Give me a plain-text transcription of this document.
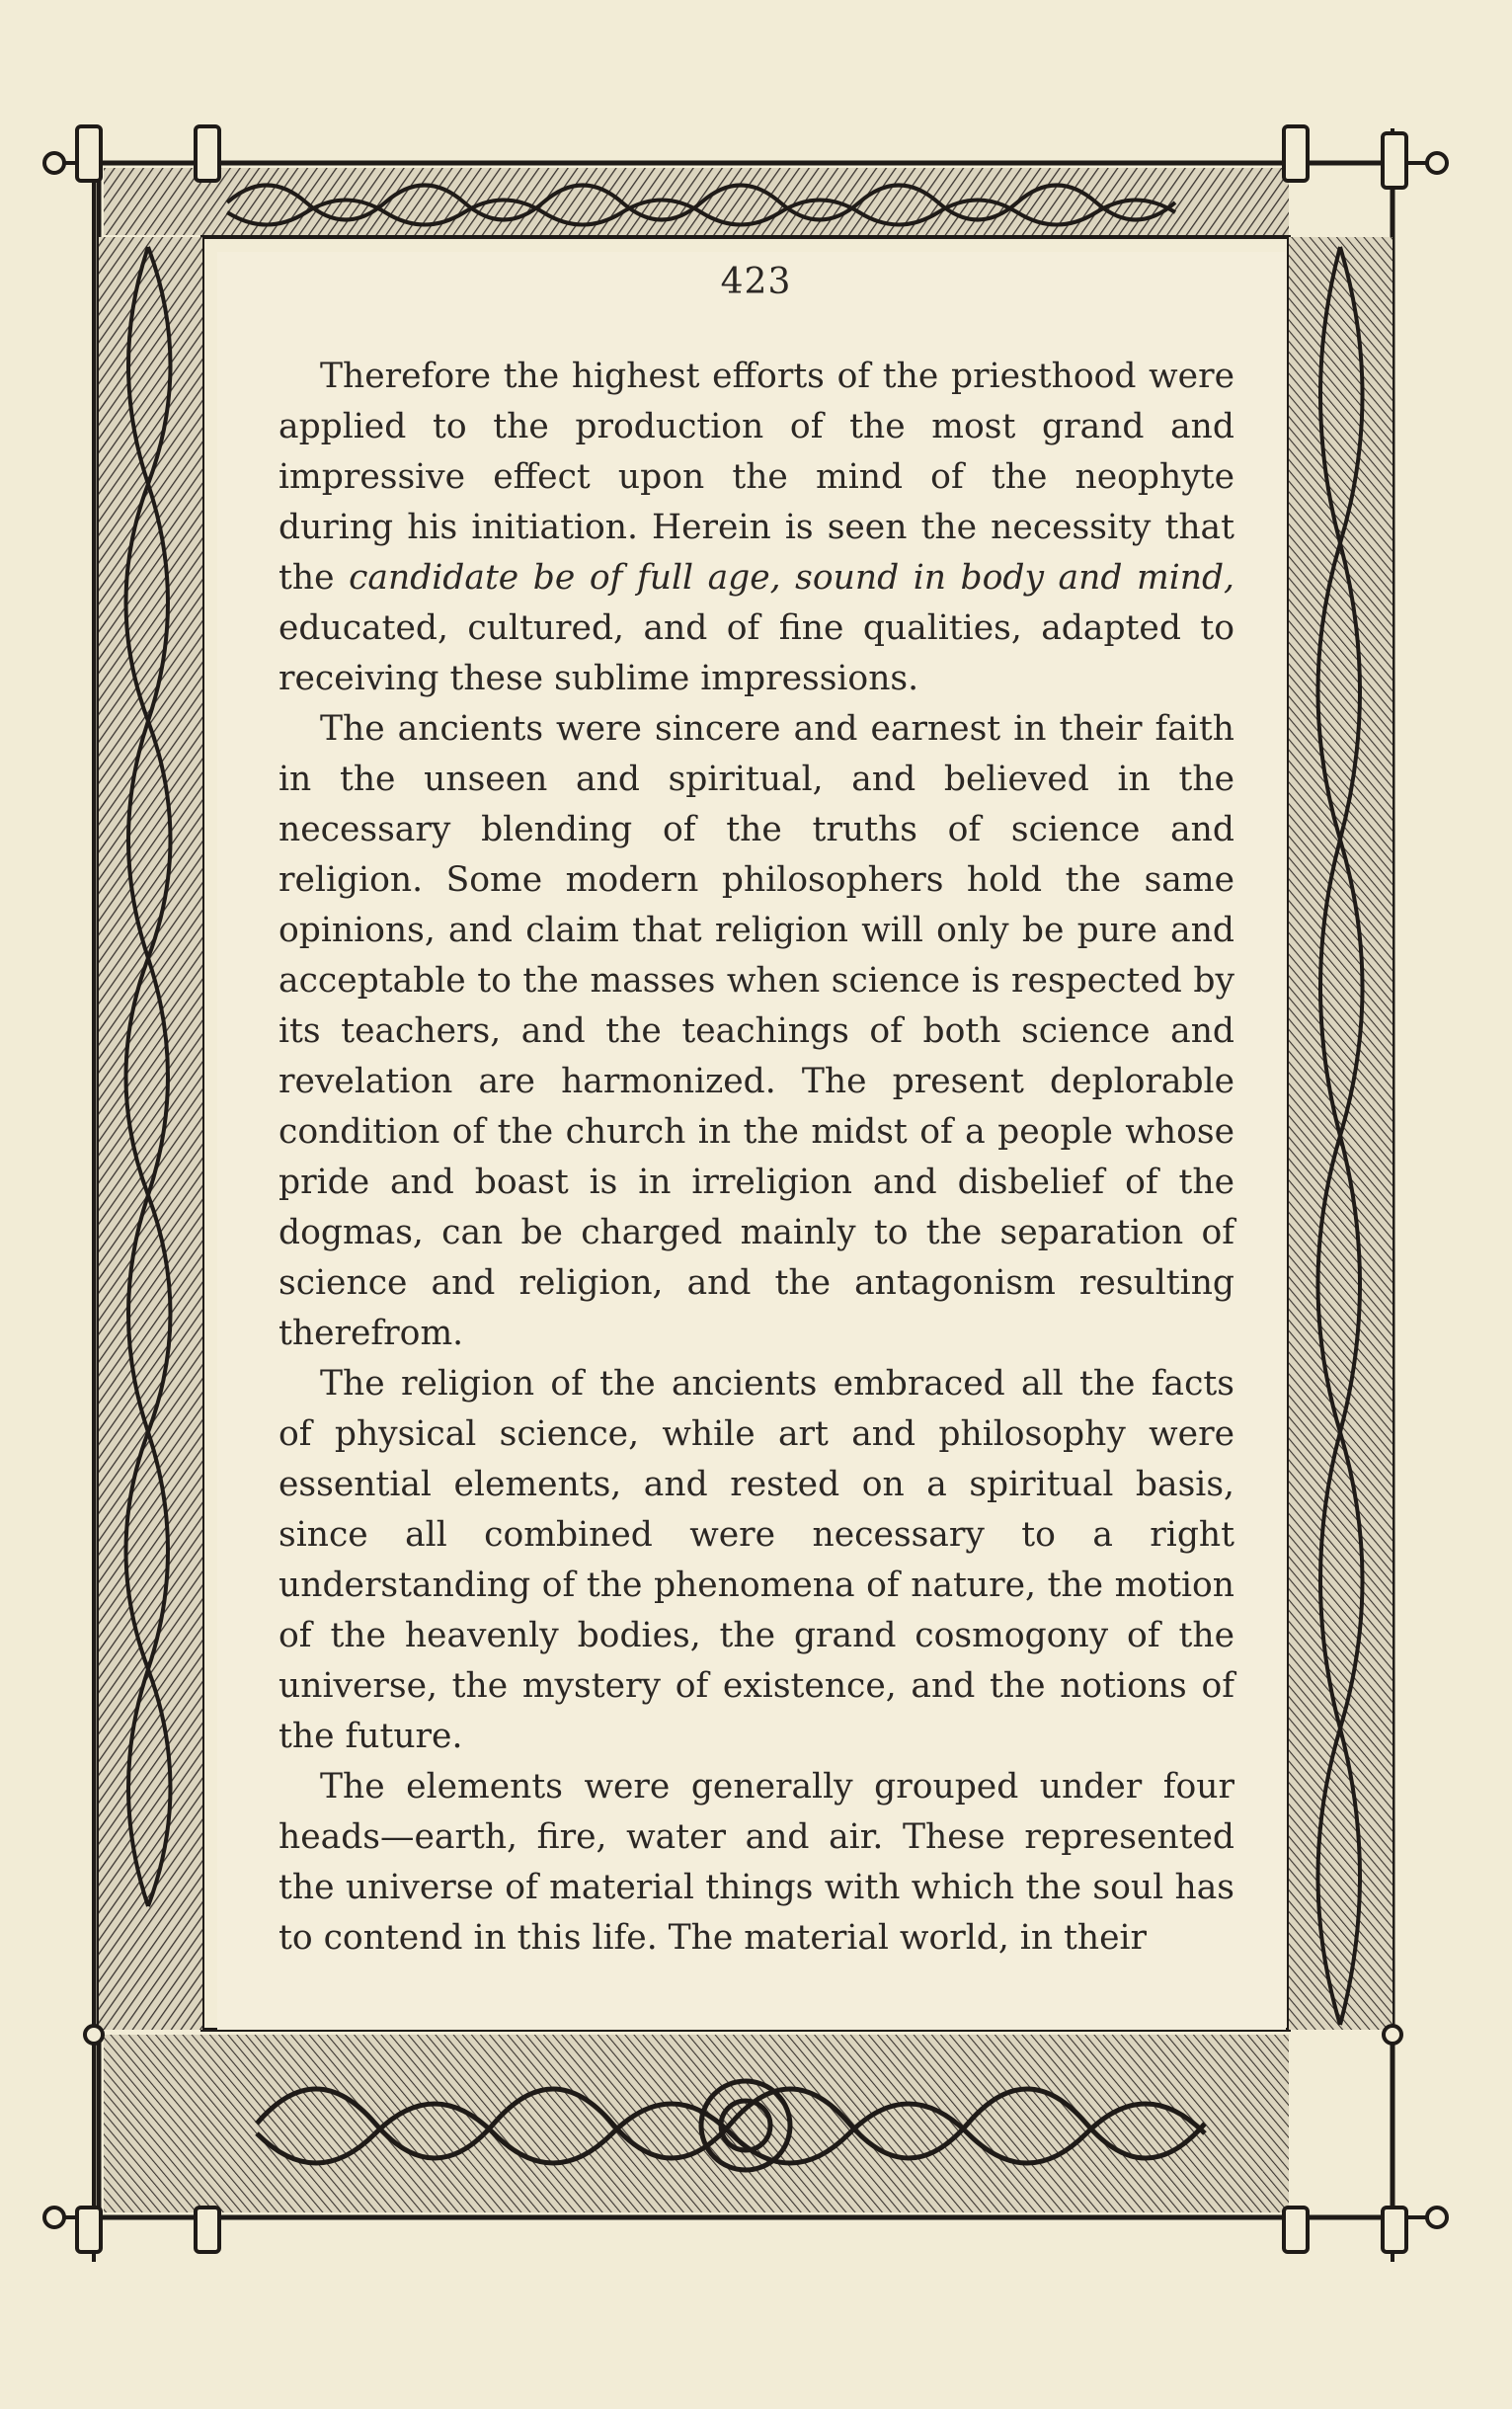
423

Therefore the highest efforts of the priesthood were applied to the production of the most grand and impressive effect upon the mind of the neophyte during his initiation. Herein is seen the necessity that the candidate be of full age, sound in body and mind, educated, cultured, and of fine qualities, adapted to receiving these sublime impressions.

The ancients were sincere and earnest in their faith in the unseen and spiritual, and believed in the necessary blending of the truths of science and religion. Some modern philosophers hold the same opinions, and claim that religion will only be pure and acceptable to the masses when science is respected by its teachers, and the teachings of both science and revelation are harmonized. The present deplorable condition of the church in the midst of a people whose pride and boast is in irreligion and disbelief of the dogmas, can be charged mainly to the separation of science and religion, and the antagonism resulting therefrom.

The religion of the ancients embraced all the facts of physical science, while art and philosophy were essential elements, and rested on a spiritual basis, since all combined were necessary to a right understanding of the phenomena of nature, the motion of the heavenly bodies, the grand cosmogony of the universe, the mystery of existence, and the notions of the future.

The elements were generally grouped under four heads—earth, fire, water and air. These represented the universe of material things with which the soul has to contend in this life. The material world, in their
